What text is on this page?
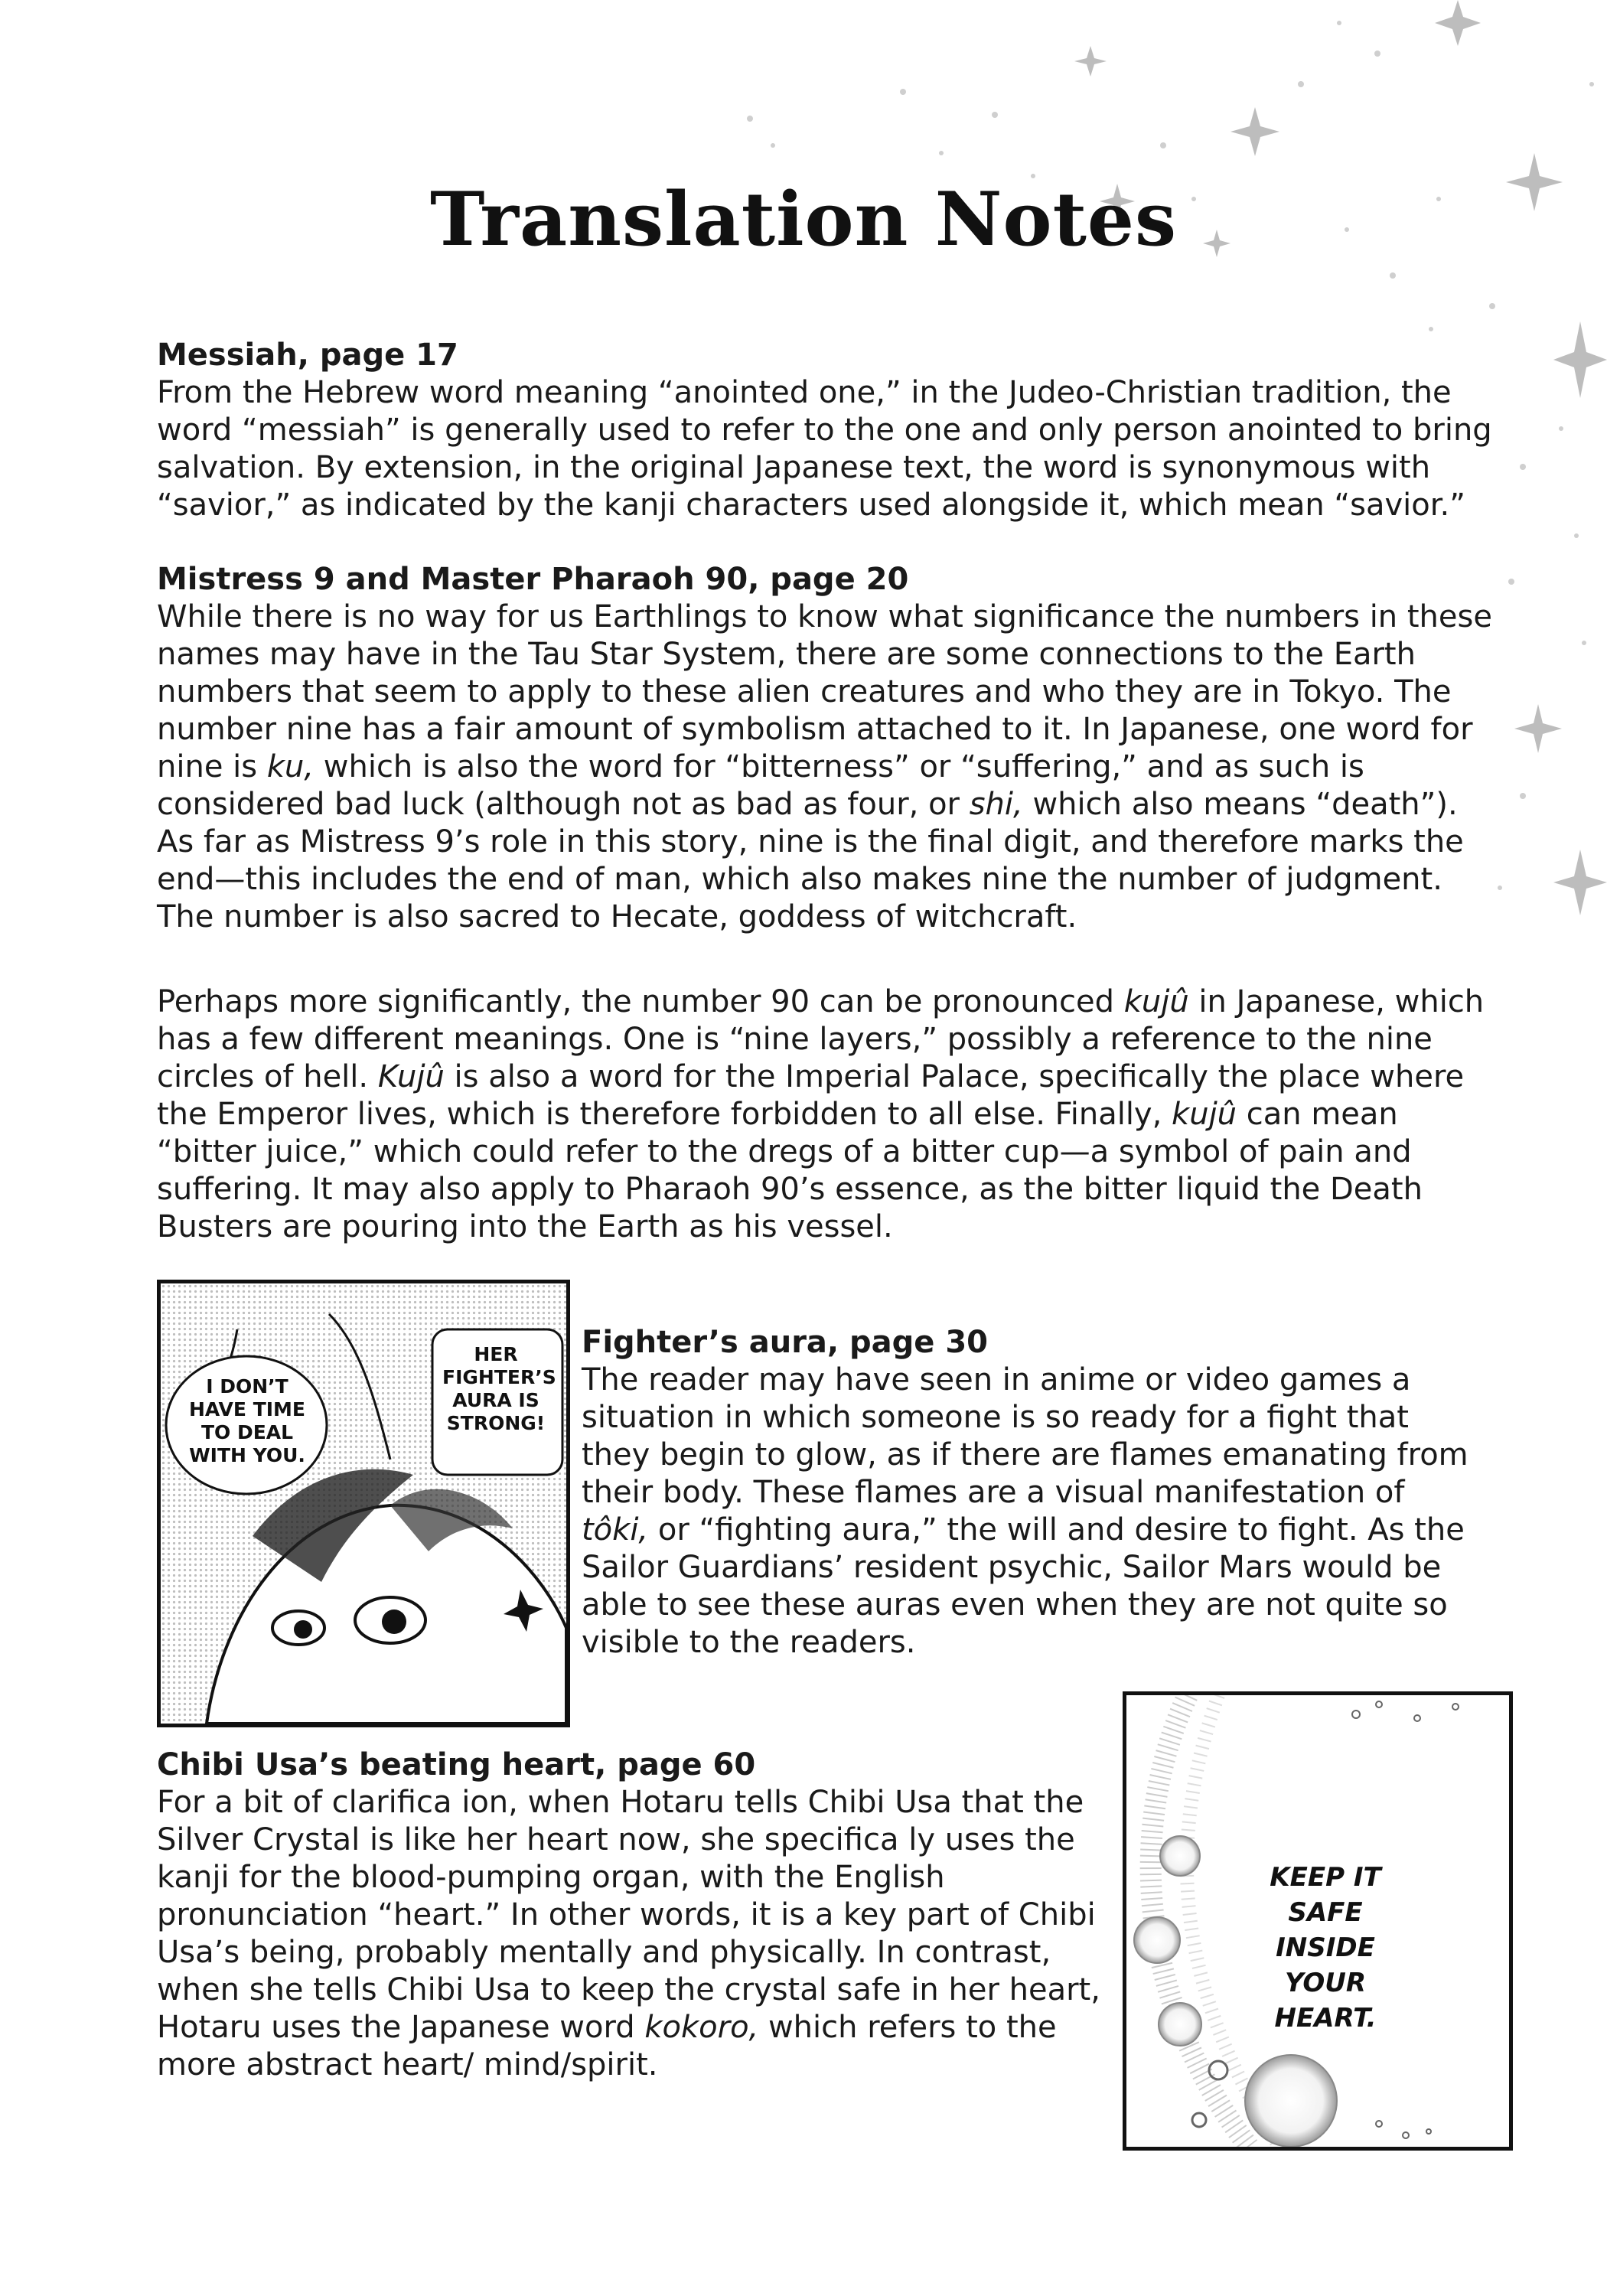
Translation Notes

Messiah, page 17

From the Hebrew word meaning “anointed one,” in the Judeo-Christian tradition, the word “messiah” is generally used to refer to the one and only person anointed to bring salvation. By extension, in the original Japanese text, the word is synonymous with “savior,” as indicated by the kanji characters used alongside it, which mean “savior.”

Mistress 9 and Master Pharaoh 90, page 20

While there is no way for us Earthlings to know what significance the numbers in these names may have in the Tau Star System, there are some connections to the Earth numbers that seem to apply to these alien creatures and who they are in Tokyo. The number nine has a fair amount of symbolism attached to it. In Japanese, one word for nine is ku, which is also the word for “bitterness” or “suffering,” and as such is considered bad luck (although not as bad as four, or shi, which also means “death”). As far as Mistress 9’s role in this story, nine is the final digit, and therefore marks the end—this includes the end of man, which also makes nine the number of judgment. The number is also sacred to Hecate, goddess of witchcraft.

Perhaps more significantly, the number 90 can be pronounced kujû in Japanese, which has a few different meanings. One is “nine layers,” possibly a reference to the nine circles of hell. Kujû is also a word for the Imperial Palace, specifically the place where the Emperor lives, which is therefore forbidden to all else. Finally, kujû can mean “bitter juice,” which could refer to the dregs of a bitter cup—a symbol of pain and suffering. It may also apply to Pharaoh 90’s essence, as the bitter liquid the Death Busters are pouring into the Earth as his vessel.

I DON’T HAVE TIME TO DEAL WITH YOU.
HER FIGHTER’S AURA IS STRONG!

Fighter’s aura, page 30

The reader may have seen in anime or video games a situation in which someone is so ready for a fight that they begin to glow, as if there are flames emanating from their body. These flames are a visual manifestation of tôki, or “fighting aura,” the will and desire to fight. As the Sailor Guardians’ resident psychic, Sailor Mars would be able to see these auras even when they are not quite so visible to the readers.

KEEP IT SAFE INSIDE YOUR HEART.

Chibi Usa’s beating heart, page 60

For a bit of clarifica ion, when Hotaru tells Chibi Usa that the Silver Crystal is like her heart now, she specifica ly uses the kanji for the blood-pumping organ, with the English pronunciation “heart.” In other words, it is a key part of Chibi Usa’s being, probably mentally and physically. In contrast, when she tells Chibi Usa to keep the crystal safe in her heart, Hotaru uses the Japanese word kokoro, which refers to the more abstract heart/ mind/spirit.
